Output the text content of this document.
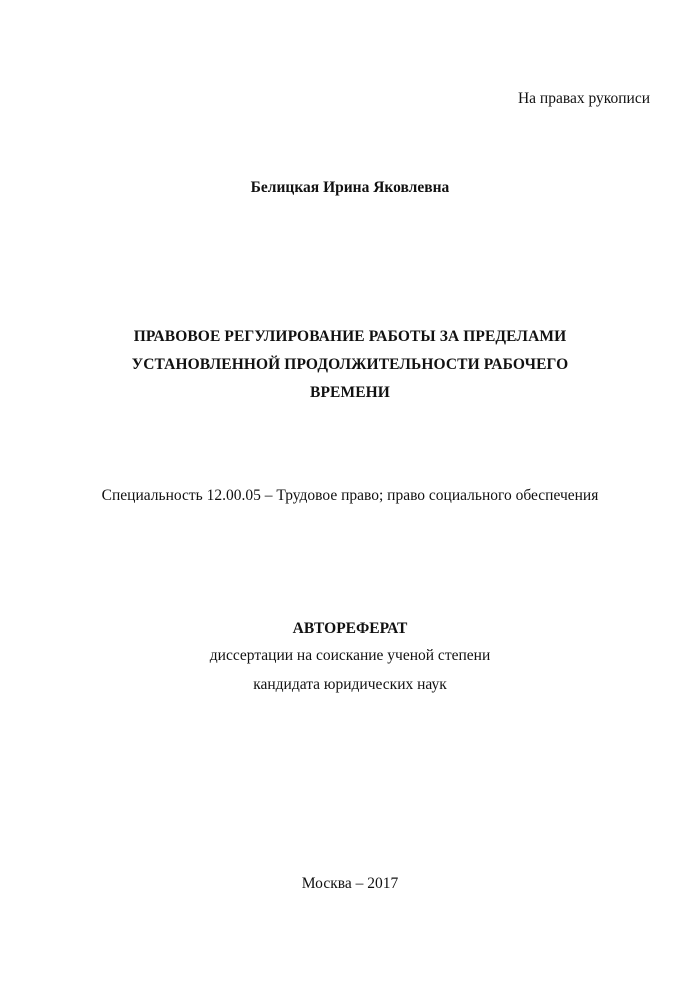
На правах рукописи
Белицкая Ирина Яковлевна
ПРАВОВОЕ РЕГУЛИРОВАНИЕ РАБОТЫ ЗА ПРЕДЕЛАМИ
УСТАНОВЛЕННОЙ ПРОДОЛЖИТЕЛЬНОСТИ РАБОЧЕГО
ВРЕМЕНИ
Специальность 12.00.05 – Трудовое право; право социального обеспечения
АВТОРЕФЕРАТ
диссертации на соискание ученой степени
кандидата юридических наук
Москва – 2017
